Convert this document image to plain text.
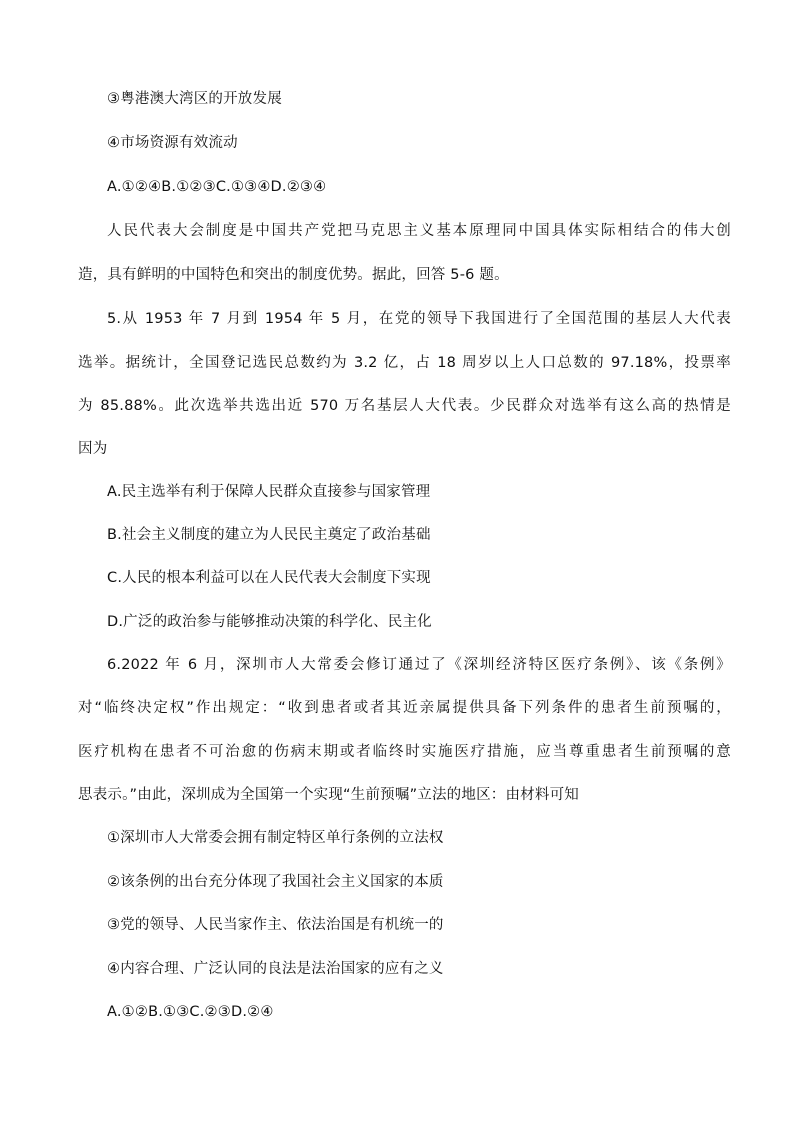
③粤港澳大湾区的开放发展
④市场资源有效流动
A.①②④B.①②③C.①③④D.②③④
人民代表大会制度是中国共产党把马克思主义基本原理同中国具体实际相结合的伟大创
造，具有鲜明的中国特色和突出的制度优势。据此，回答 5-6 题。
5.从 1953 年 7 月到 1954 年 5 月，在党的领导下我国进行了全国范围的基层人大代表
选举。据统计，全国登记选民总数约为 3.2 亿，占 18 周岁以上人口总数的 97.18%，投票率
为 85.88%。此次选举共选出近 570 万名基层人大代表。少民群众对选举有这么高的热情是
因为
A.民主选举有利于保障人民群众直接参与国家管理
B.社会主义制度的建立为人民民主奠定了政治基础
C.人民的根本利益可以在人民代表大会制度下实现
D.广泛的政治参与能够推动决策的科学化、民主化
6.2022 年 6 月，深圳市人大常委会修订通过了《深圳经济特区医疗条例》、该《条例》
对“临终决定权”作出规定：“收到患者或者其近亲属提供具备下列条件的患者生前预嘱的，
医疗机构在患者不可治愈的伤病末期或者临终时实施医疗措施，应当尊重患者生前预嘱的意
思表示。”由此，深圳成为全国第一个实现“生前预嘱”立法的地区：由材料可知
①深圳市人大常委会拥有制定特区单行条例的立法权
②该条例的出台充分体现了我国社会主义国家的本质
③党的领导、人民当家作主、依法治国是有机统一的
④内容合理、广泛认同的良法是法治国家的应有之义
A.①②B.①③C.②③D.②④
